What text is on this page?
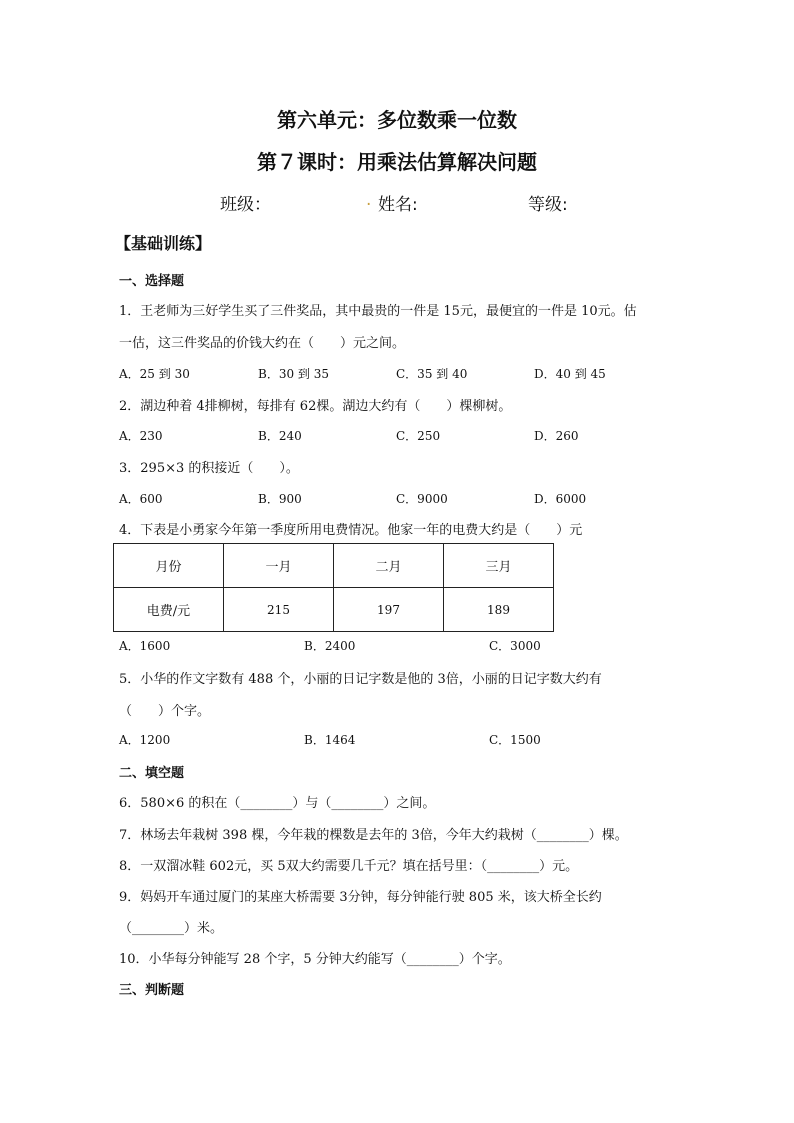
第六单元：多位数乘一位数
第７课时：用乘法估算解决问题
班级：	. 姓名:	等级:
【基础训练】
一、选择题
1．王老师为三好学生买了三件奖品，其中最贵的一件是 15元，最便宜的一件是 10元。估
一估，这三件奖品的价钱大约在（　　）元之间。
A．25 到 30	B．30 到 35	C．35 到 40	D．40 到 45
2．湖边种着 4排柳树，每排有 62棵。湖边大约有（　　）棵柳树。
A．230	B．240	C．250	D．260
3．295×3 的积接近（　　）。
A．600	B．900	C．9000	D．6000
4．下表是小勇家今年第一季度所用电费情况。他家一年的电费大约是（　　）元
月份	一月	二月	三月
电费/元	215	197	189
A．1600	B．2400	C．3000
5．小华的作文字数有 488 个，小丽的日记字数是他的 3倍，小丽的日记字数大约有
（　　）个字。
A．1200	B．1464	C．1500
二、填空题
6．580×6 的积在（________）与（________）之间。
7．林场去年栽树 398 棵，今年栽的棵数是去年的 3倍，今年大约栽树（________）棵。
8．一双溜冰鞋 602元，买 5双大约需要几千元？填在括号里：（________）元。
9．妈妈开车通过厦门的某座大桥需要 3分钟，每分钟能行驶 805 米，该大桥全长约
（________）米。
10．小华每分钟能写 28 个字，5 分钟大约能写（________）个字。
三、判断题
